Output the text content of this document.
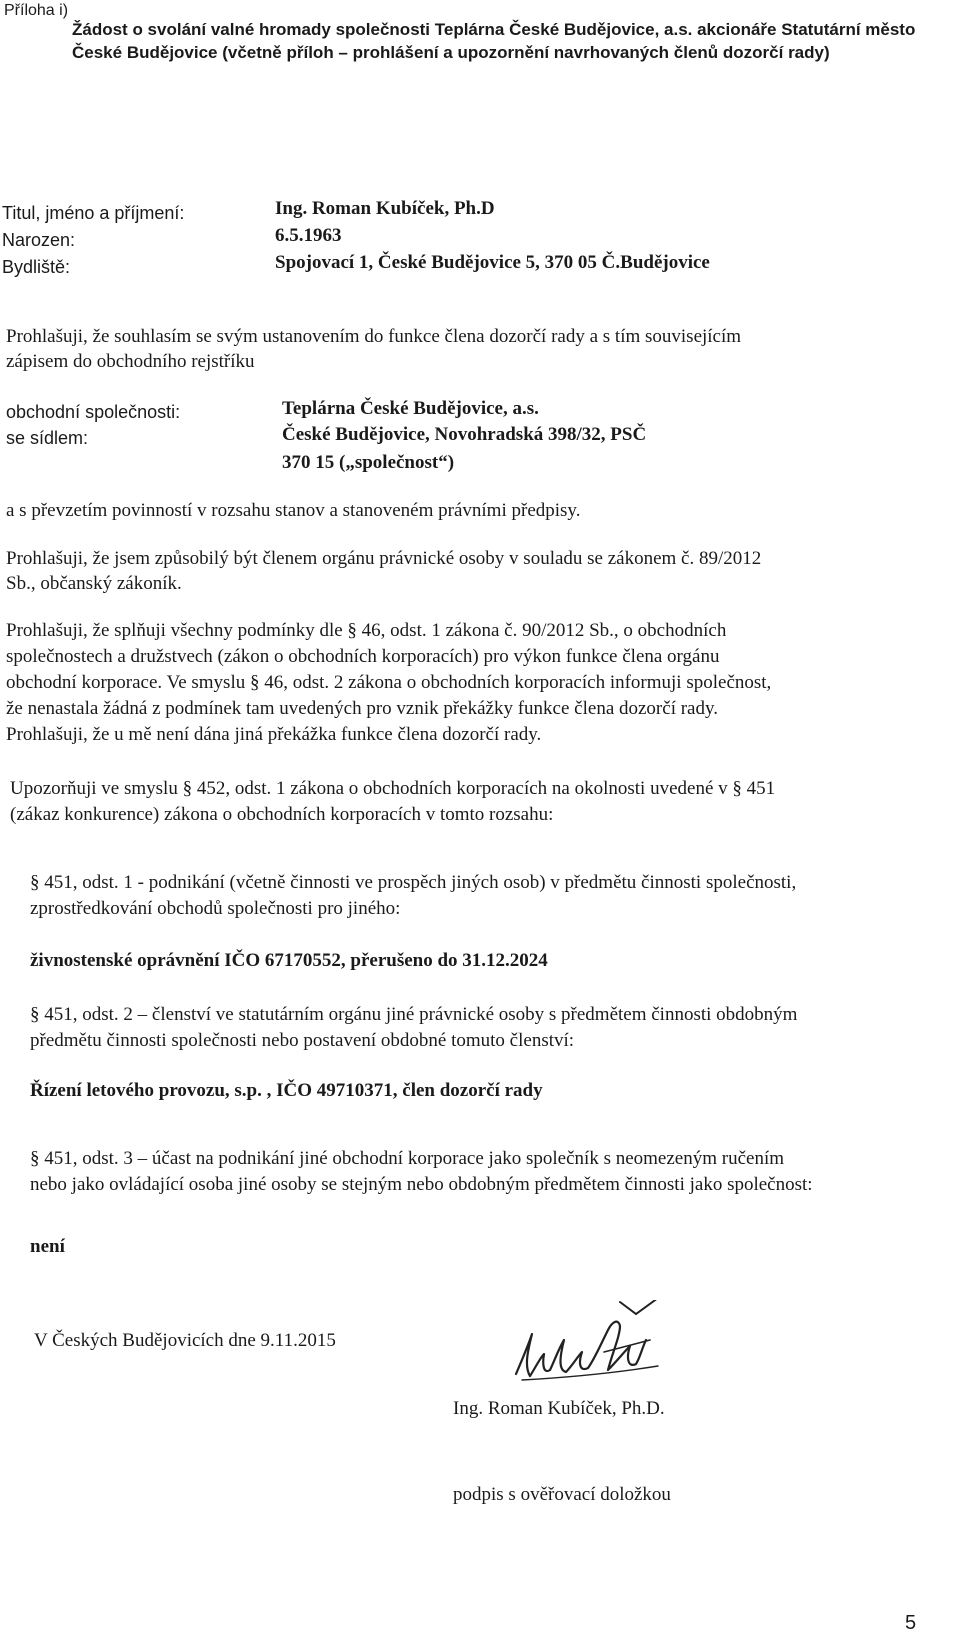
Příloha i)
Žádost o svolání valné hromady společnosti Teplárna České Budějovice, a.s. akcionáře Statutární město
České Budějovice (včetně příloh – prohlášení a upozornění navrhovaných členů dozorčí rady)
Titul, jméno a příjmení:	Ing. Roman Kubíček, Ph.D
Narozen:	6.5.1963
Bydliště:	Spojovací 1, České Budějovice 5, 370 05 Č.Budějovice
Prohlašuji, že souhlasím se svým ustanovením do funkce člena dozorčí rady a s tím souvisejícím
zápisem do obchodního rejstříku
obchodní společnosti:	Teplárna České Budějovice, a.s.
se sídlem:	České Budějovice, Novohradská 398/32, PSČ
370 15 („společnost“)
a s převzetím povinností v rozsahu stanov a stanoveném právními předpisy.
Prohlašuji, že jsem způsobilý být členem orgánu právnické osoby v souladu se zákonem č. 89/2012
Sb., občanský zákoník.
Prohlašuji, že splňuji všechny podmínky dle § 46, odst. 1 zákona č. 90/2012 Sb., o obchodních
společnostech a družstvech (zákon o obchodních korporacích) pro výkon funkce člena orgánu
obchodní korporace. Ve smyslu § 46, odst. 2 zákona o obchodních korporacích informuji společnost,
že nenastala žádná z podmínek tam uvedených pro vznik překážky funkce člena dozorčí rady.
Prohlašuji, že u mě není dána jiná překážka funkce člena dozorčí rady.
Upozorňuji ve smyslu § 452, odst. 1 zákona o obchodních korporacích na okolnosti uvedené v § 451
(zákaz konkurence) zákona o obchodních korporacích v tomto rozsahu:
§ 451, odst. 1 - podnikání (včetně činnosti ve prospěch jiných osob) v předmětu činnosti společnosti,
zprostředkování obchodů společnosti pro jiného:
živnostenské oprávnění IČO 67170552, přerušeno do 31.12.2024
§ 451, odst. 2 – členství ve statutárním orgánu jiné právnické osoby s předmětem činnosti obdobným
předmětu činnosti společnosti nebo postavení obdobné tomuto členství:
Řízení letového provozu, s.p. , IČO 49710371, člen dozorčí rady
§ 451, odst. 3 – účast na podnikání jiné obchodní korporace jako společník s neomezeným ručením
nebo jako ovládající osoba jiné osoby se stejným nebo obdobným předmětem činnosti jako společnost:
není
V Českých Budějovicích dne 9.11.2015
Ing. Roman Kubíček, Ph.D.
podpis s ověřovací doložkou
5
